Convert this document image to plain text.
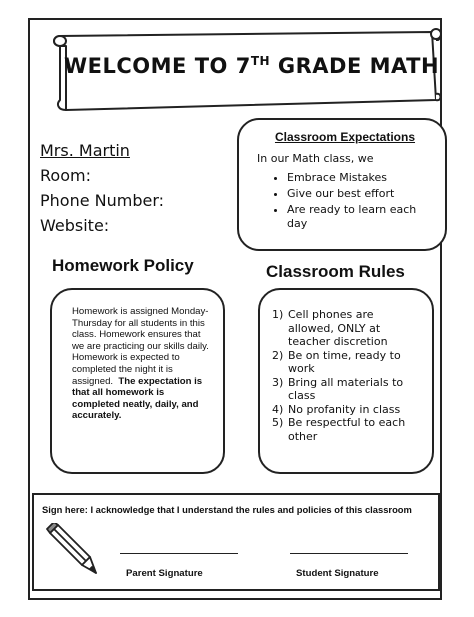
WELCOME TO 7TH GRADE MATH
Mrs. Martin
Room:
Phone Number:
Website:
Classroom Expectations
In our Math class, we
• Embrace Mistakes
• Give our best effort
• Are ready to learn each day
Homework Policy	Classroom Rules
Homework is assigned Monday-Thursday for all students in this class. Homework ensures that we are practicing our skills daily. Homework is expected to completed the night it is assigned. The expectation is that all homework is completed neatly, daily, and accurately.
1) Cell phones are allowed, ONLY at teacher discretion
2) Be on time, ready to work
3) Bring all materials to class
4) No profanity in class
5) Be respectful to each other
Sign here: I acknowledge that I understand the rules and policies of this classroom
Parent Signature	Student Signature
